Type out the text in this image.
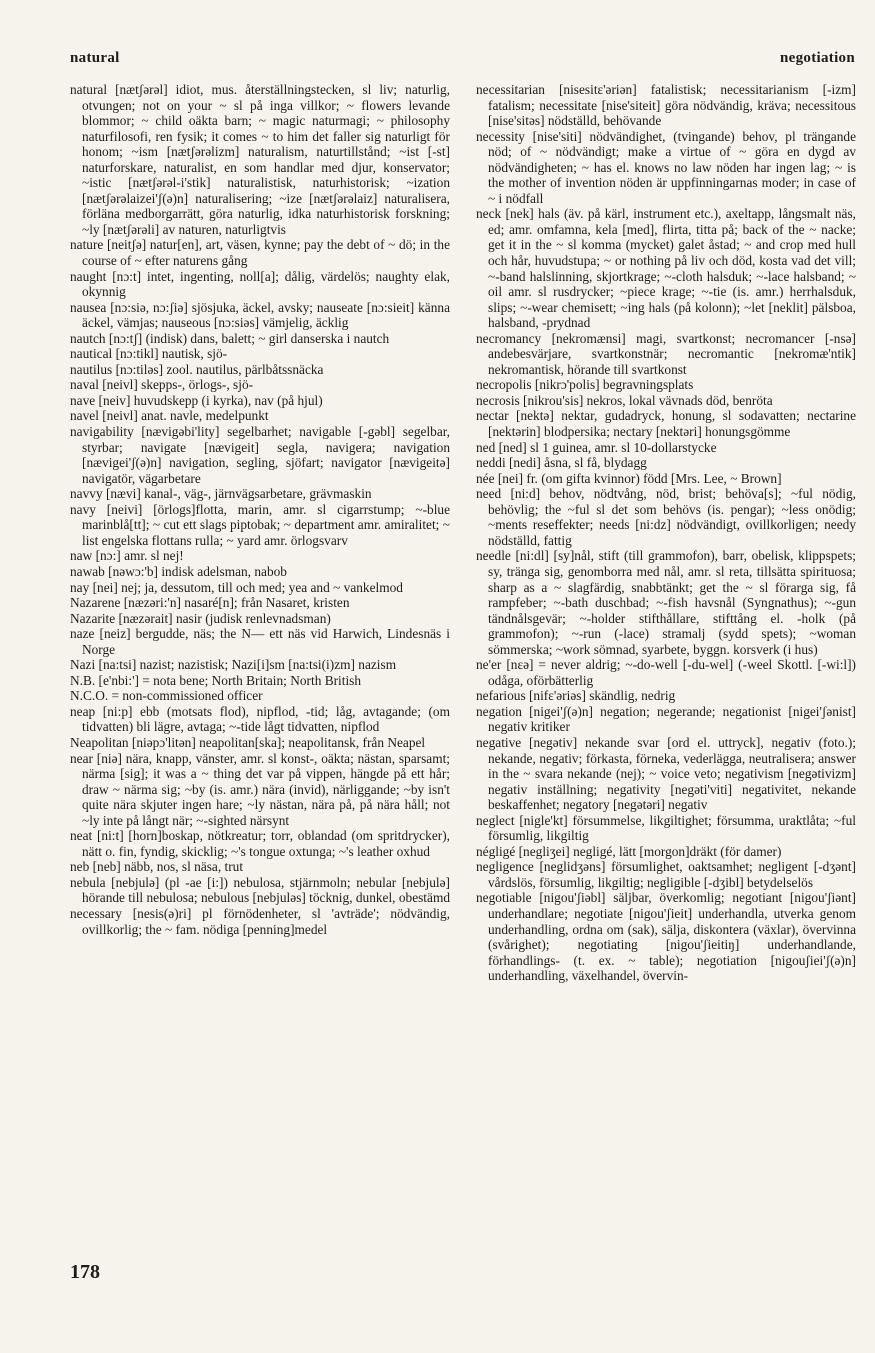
natural	negotiation

natural [nætʃərəl] idiot, mus. återställningstecken, sl liv; naturlig, otvungen; not on your ~ sl på inga villkor; ~ flowers levande blommor; ~ child oäkta barn; ~ magic naturmagi; ~ philosophy naturfilosofi, ren fysik; it comes ~ to him det faller sig naturligt för honom; ~ism [nætʃərəlizm] naturalism, naturtillstånd; ~ist [-st] naturforskare, naturalist, en som handlar med djur, konservator; ~istic [nætʃərəl-i'stik] naturalistisk, naturhistorisk; ~ization [nætʃərəlaizei'ʃ(ə)n] naturalisering; ~ize [nætʃərəlaiz] naturalisera, förläna medborgarrätt, göra naturlig, idka naturhistorisk forskning; ~ly [nætʃərəli] av naturen, naturligtvis

nature [neitʃə] natur[en], art, väsen, kynne; pay the debt of ~ dö; in the course of ~ efter naturens gång

naught [nɔ:t] intet, ingenting, noll[a]; dålig, värdelös; naughty elak, okynnig

nausea [nɔ:siə, nɔ:ʃiə] sjösjuka, äckel, avsky; nauseate [nɔ:sieit] känna äckel, vämjas; nauseous [nɔ:siəs] vämjelig, äcklig

nautch [nɔ:tʃ] (indisk) dans, balett; ~ girl danserska i nautch

nautical [nɔ:tikl] nautisk, sjö-

nautilus [nɔ:tiləs] zool. nautilus, pärlbåtssnäcka

naval [neivl] skepps-, örlogs-, sjö-

nave [neiv] huvudskepp (i kyrka), nav (på hjul)

navel [neivl] anat. navle, medelpunkt

navigability [nævigəbi'lity] segelbarhet; navigable [-gəbl] segelbar, styrbar; navigate [nævigeit] segla, navigera; navigation [nævigei'ʃ(ə)n] navigation, segling, sjöfart; navigator [nævigeitə] navigatör, vägarbetare

navvy [nævi] kanal-, väg-, järnvägsarbetare, grävmaskin

navy [neivi] [örlogs]flotta, marin, amr. sl cigarrstump; ~-blue marinblå[tt]; ~ cut ett slags piptobak; ~ department amr. amiralitet; ~ list engelska flottans rulla; ~ yard amr. örlogsvarv

naw [nɔ:] amr. sl nej!

nawab [nəwɔ:'b] indisk adelsman, nabob

nay [nei] nej; ja, dessutom, till och med; yea and ~ vankelmod

Nazarene [næzəri:'n] nasaré[n]; från Nasaret, kristen

Nazarite [næzərait] nasir (judisk renlevnadsman)

naze [neiz] bergudde, näs; the N— ett näs vid Harwich, Lindesnäs i Norge

Nazi [na:tsi] nazist; nazistisk; Nazi[i]sm [na:tsi(i)zm] nazism

N.B. [e'nbi:'] = nota bene; North Britain; North British

N.C.O. = non-commissioned officer

neap [ni:p] ebb (motsats flod), nipflod, -tid; låg, avtagande; (om tidvatten) bli lägre, avtaga; ~-tide lågt tidvatten, nipflod

Neapolitan [niəpɔ'litən] neapolitan[ska]; neapolitansk, från Neapel

near [niə] nära, knapp, vänster, amr. sl konst-, oäkta; nästan, sparsamt; närma [sig]; it was a ~ thing det var på vippen, hängde på ett hår; draw ~ närma sig; ~by (is. amr.) nära (invid), närliggande; ~by isn't quite nära skjuter ingen hare; ~ly nästan, nära på, på nära håll; not ~ly inte på långt när; ~-sighted närsynt

neat [ni:t] [horn]boskap, nötkreatur; torr, oblandad (om spritdrycker), nätt o. fin, fyndig, skicklig; ~'s tongue oxtunga; ~'s leather oxhud

neb [neb] näbb, nos, sl näsa, trut

nebula [nebjulə] (pl -ae [i:]) nebulosa, stjärnmoln; nebular [nebjulə] hörande till nebulosa; nebulous [nebjuləs] töcknig, dunkel, obestämd

necessary [nesis(ə)ri] pl förnödenheter, sl 'avträde'; nödvändig, ovillkorlig; the ~ fam. nödiga [penning]medel

necessitarian [nisesitɛ'əriən] fatalistisk; necessitarianism [-izm] fatalism; necessitate [nise'siteit] göra nödvändig, kräva; necessitous [nise'sitəs] nödställd, behövande

necessity [nise'siti] nödvändighet, (tvingande) behov, pl trängande nöd; of ~ nödvändigt; make a virtue of ~ göra en dygd av nödvändigheten; ~ has el. knows no law nöden har ingen lag; ~ is the mother of invention nöden är uppfinningarnas moder; in case of ~ i nödfall

neck [nek] hals (äv. på kärl, instrument etc.), axeltapp, långsmalt näs, ed; amr. omfamna, kela [med], flirta, titta på; back of the ~ nacke; get it in the ~ sl komma (mycket) galet åstad; ~ and crop med hull och hår, huvudstupa; ~ or nothing på liv och död, kosta vad det vill; ~-band halslinning, skjortkrage; ~-cloth halsduk; ~-lace halsband; ~ oil amr. sl rusdrycker; ~piece krage; ~-tie (is. amr.) herrhalsduk, slips; ~-wear chemisett; ~ing hals (på kolonn); ~let [neklit] pälsboa, halsband, -prydnad

necromancy [nekromænsi] magi, svartkonst; necromancer [-nsə] andebesvärjare, svartkonstnär; necromantic [nekromæ'ntik] nekromantisk, hörande till svartkonst

necropolis [nikrɔ'polis] begravningsplats

necrosis [nikrou'sis] nekros, lokal vävnads död, benröta

nectar [nektə] nektar, gudadryck, honung, sl sodavatten; nectarine [nektərin] blodpersika; nectary [nektəri] honungsgömme

ned [ned] sl 1 guinea, amr. sl 10-dollarstycke

neddi [nedi] åsna, sl få, blydagg

née [nei] fr. (om gifta kvinnor) född [Mrs. Lee, ~ Brown]

need [ni:d] behov, nödtvång, nöd, brist; behöva[s]; ~ful nödig, behövlig; the ~ful sl det som behövs (is. pengar); ~less onödig; ~ments reseffekter; needs [ni:dz] nödvändigt, ovillkorligen; needy nödställd, fattig

needle [ni:dl] [sy]nål, stift (till grammofon), barr, obelisk, klippspets; sy, tränga sig, genomborra med nål, amr. sl reta, tillsätta spirituosa; sharp as a ~ slagfärdig, snabbtänkt; get the ~ sl förarga sig, få rampfeber; ~-bath duschbad; ~-fish havsnål (Syngnathus); ~-gun tändnålsgevär; ~-holder stifthållare, stifttång el. -holk (på grammofon); ~-run (-lace) stramalj (sydd spets); ~woman sömmerska; ~work sömnad, syarbete, byggn. korsverk (i hus)

ne'er [nɛə] = never aldrig; ~-do-well [-du-wel] (-weel Skottl. [-wi:l]) odåga, oförbätterlig

nefarious [nifɛ'əriəs] skändlig, nedrig

negation [nigei'ʃ(ə)n] negation; negerande; negationist [nigei'ʃənist] negativ kritiker

negative [negətiv] nekande svar [ord el. uttryck], negativ (foto.); nekande, negativ; förkasta, förneka, vederlägga, neutralisera; answer in the ~ svara nekande (nej); ~ voice veto; negativism [negətivizm] negativ inställning; negativity [negəti'viti] negativitet, nekande beskaffenhet; negatory [negətəri] negativ

neglect [nigle'kt] försummelse, likgiltighet; försumma, uraktlåta; ~ful försumlig, likgiltig

négligé [negliʒei] negligé, lätt [morgon]dräkt (för damer)

negligence [neglidʒəns] försumlighet, oaktsamhet; negligent [-dʒənt] vårdslös, försumlig, likgiltig; negligible [-dʒibl] betydelselös

negotiable [nigou'ʃiəbl] säljbar, överkomlig; negotiant [nigou'ʃiənt] underhandlare; negotiate [nigou'ʃieit] underhandla, utverka genom underhandling, ordna om (sak), sälja, diskontera (växlar), övervinna (svårighet); negotiating [nigou'ʃieitiŋ] underhandlande, förhandlings- (t. ex. ~ table); negotiation [nigouʃiei'ʃ(ə)n] underhandling, växelhandel, övervin-

178
